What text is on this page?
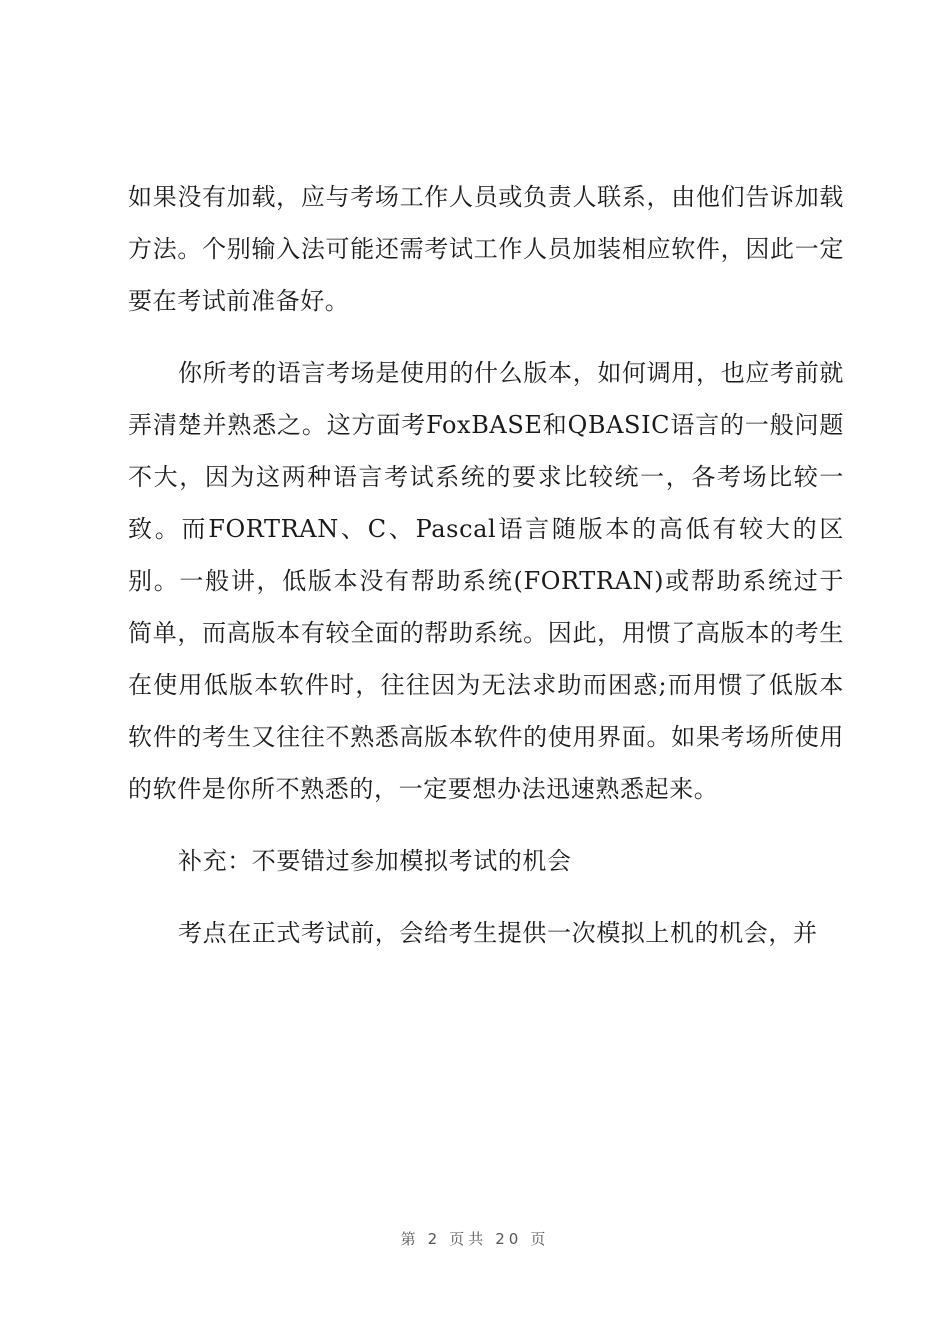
如果没有加载，应与考场工作人员或负责人联系，由他们告诉加载方法。个别输入法可能还需考试工作人员加装相应软件，因此一定要在考试前准备好。

你所考的语言考场是使用的什么版本，如何调用，也应考前就弄清楚并熟悉之。这方面考FoxBASE和QBASIC语言的一般问题不大，因为这两种语言考试系统的要求比较统一，各考场比较一致。而FORTRAN、C、Pascal语言随版本的高低有较大的区别。一般讲，低版本没有帮助系统(FORTRAN)或帮助系统过于简单，而高版本有较全面的帮助系统。因此，用惯了高版本的考生在使用低版本软件时，往往因为无法求助而困惑;而用惯了低版本软件的考生又往往不熟悉高版本软件的使用界面。如果考场所使用的软件是你所不熟悉的，一定要想办法迅速熟悉起来。

补充：不要错过参加模拟考试的机会

考点在正式考试前，会给考生提供一次模拟上机的机会，并

第 2 页共 20 页
